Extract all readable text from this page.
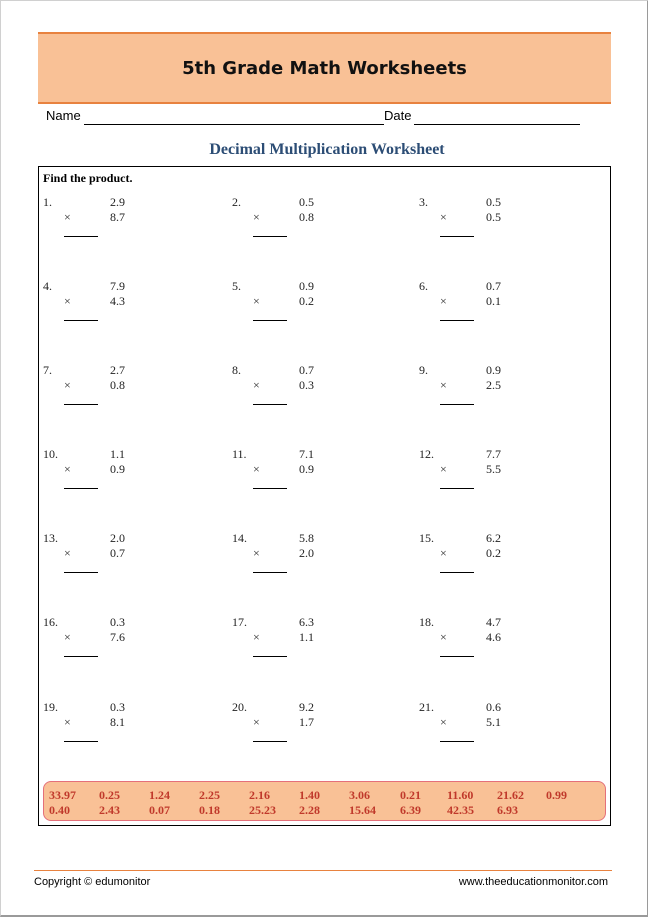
5th Grade Math Worksheets
Name	Date
Decimal Multiplication Worksheet
Find the product.
1.	2.9
×	8.7
2.	0.5
×	0.8
3.	0.5
×	0.5
4.	7.9
×	4.3
5.	0.9
×	0.2
6.	0.7
×	0.1
7.	2.7
×	0.8
8.	0.7
×	0.3
9.	0.9
×	2.5
10.	1.1
×	0.9
11.	7.1
×	0.9
12.	7.7
×	5.5
13.	2.0
×	0.7
14.	5.8
×	2.0
15.	6.2
×	0.2
16.	0.3
×	7.6
17.	6.3
×	1.1
18.	4.7
×	4.6
19.	0.3
×	8.1
20.	9.2
×	1.7
21.	0.6
×	5.1
33.97 0.25 1.24 2.25 2.16 1.40 3.06	0.21 11.60 21.62 0.99
0.40 2.43 0.07 0.18 25.23 2.28 15.64 6.39 42.35 6.93
Copyright © edumonitor	www.theeducationmonitor.com
